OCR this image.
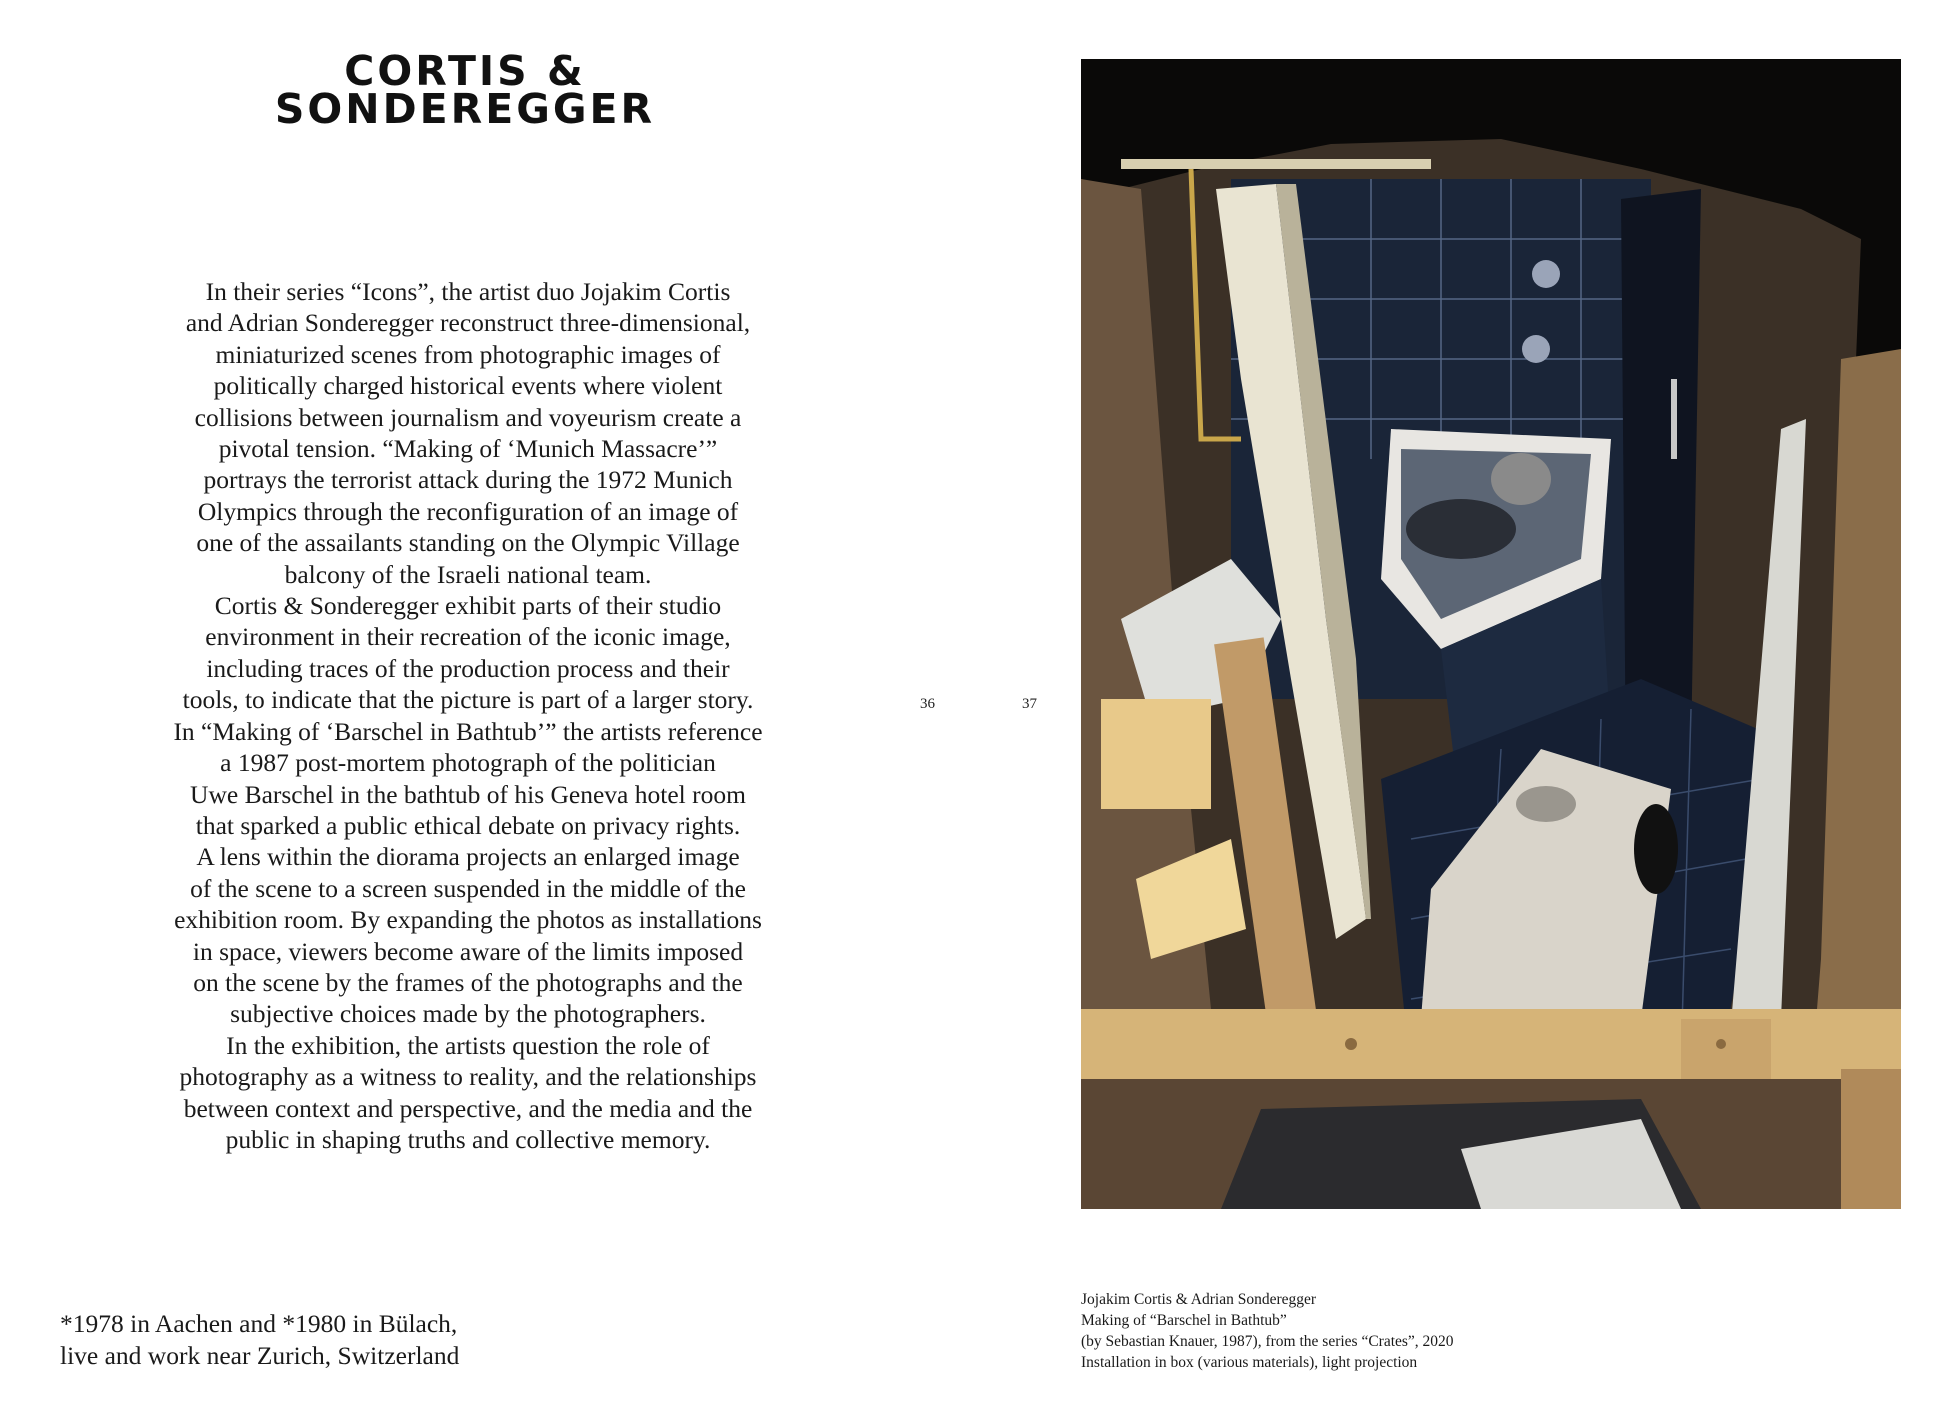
CORTIS &
SONDEREGGER

In their series “Icons”, the artist duo Jojakim Cortis

and Adrian Sonderegger reconstruct three-dimensional,

miniaturized scenes from photographic images of

politically charged historical events where violent

collisions between journalism and voyeurism create a

pivotal tension. “Making of ‘Munich Massacre’”

portrays the terrorist attack during the 1972 Munich

Olympics through the reconfiguration of an image of

one of the assailants standing on the Olympic Village

balcony of the Israeli national team.

Cortis & Sonderegger exhibit parts of their studio

environment in their recreation of the iconic image,

including traces of the production process and their

tools, to indicate that the picture is part of a larger story.

In “Making of ‘Barschel in Bathtub’” the artists reference

a 1987 post-mortem photograph of the politician

Uwe Barschel in the bathtub of his Geneva hotel room

that sparked a public ethical debate on privacy rights.

A lens within the diorama projects an enlarged image

of the scene to a screen suspended in the middle of the

exhibition room. By expanding the photos as installations

in space, viewers become aware of the limits imposed

on the scene by the frames of the photographs and the

subjective choices made by the photographers.

In the exhibition, the artists question the role of

photography as a witness to reality, and the relationships

between context and perspective, and the media and the

public in shaping truths and collective memory.

36	37
*1978 in Aachen and *1980 in Bülach,
live and work near Zurich, Switzerland
Jojakim Cortis & Adrian Sonderegger
Making of “Barschel in Bathtub”
(by Sebastian Knauer, 1987), from the series “Crates”, 2020
Installation in box (various materials), light projection
